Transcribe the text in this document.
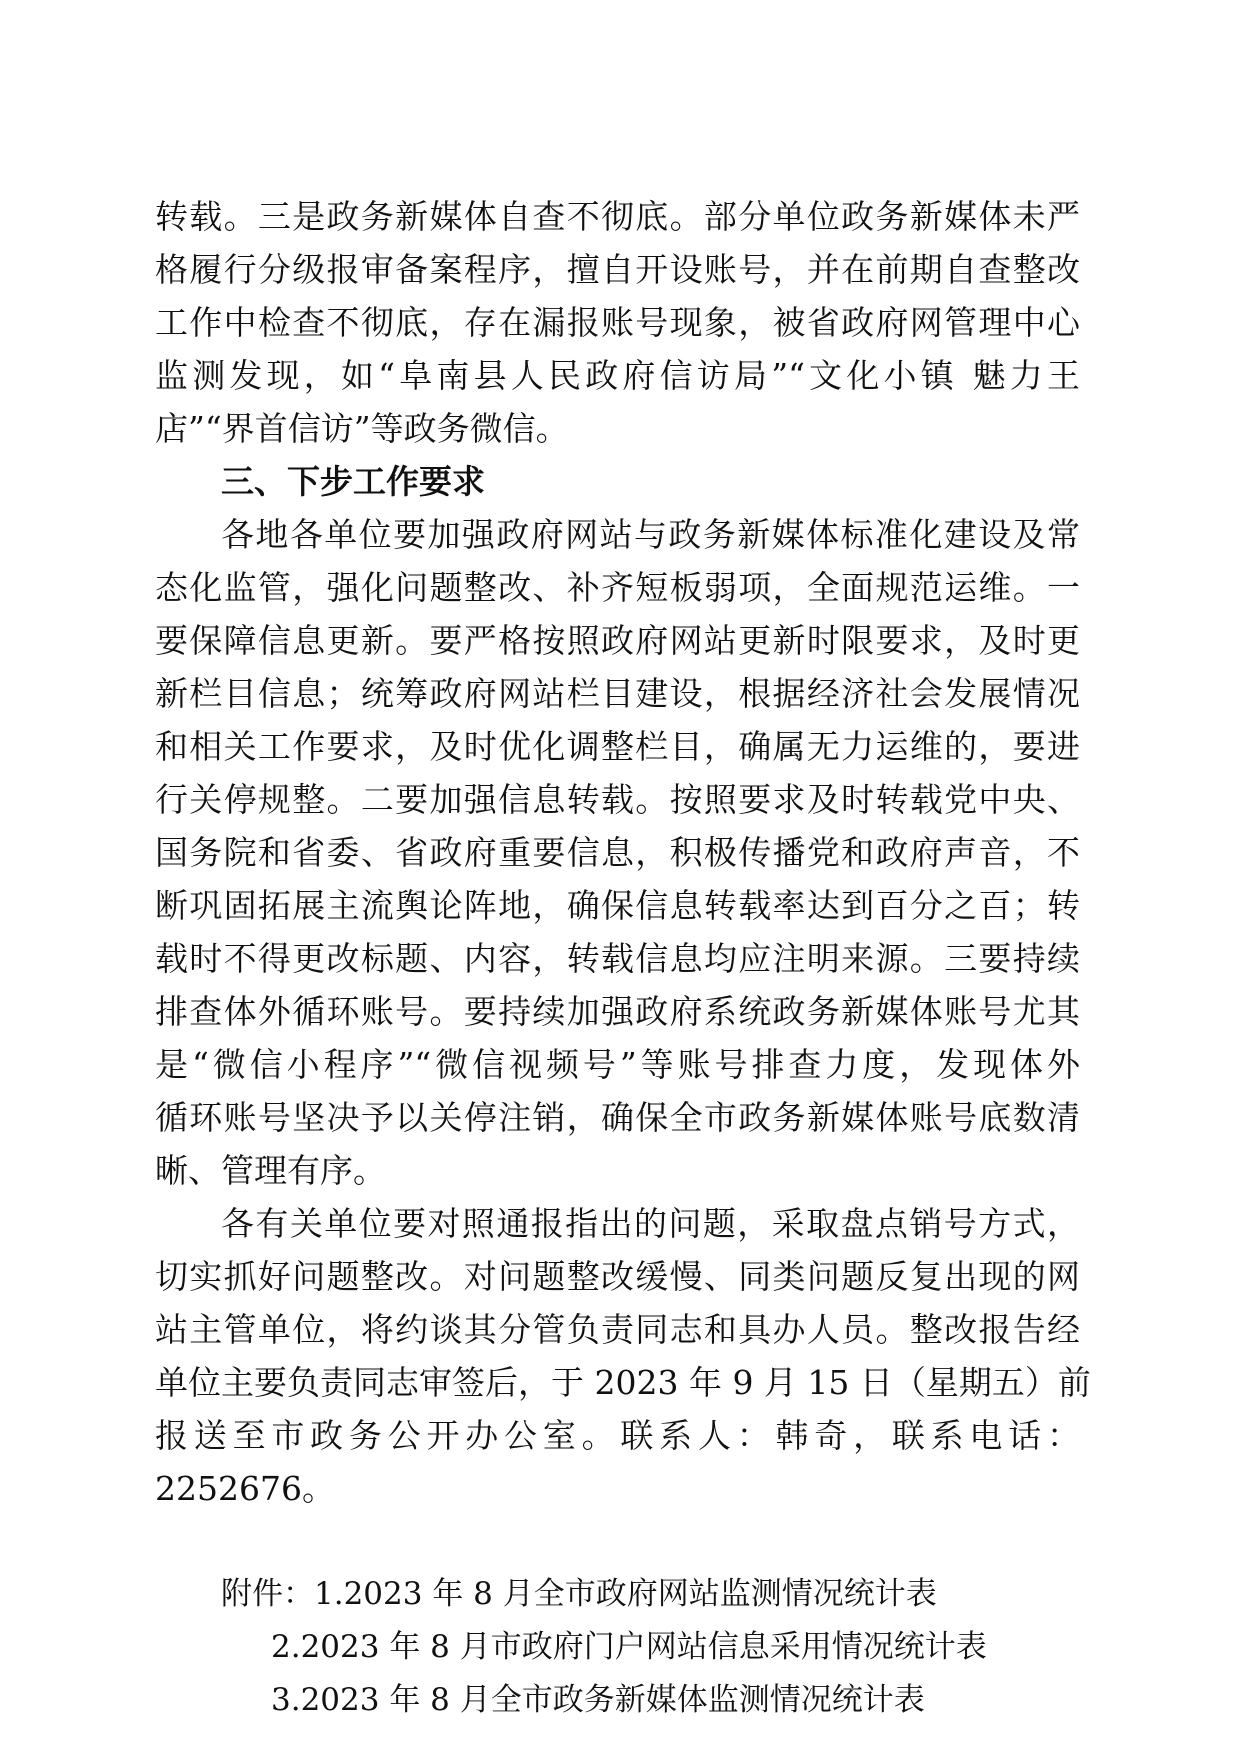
转载。三是政务新媒体自查不彻底。部分单位政务新媒体未严
格履行分级报审备案程序，擅自开设账号，并在前期自查整改
工作中检查不彻底，存在漏报账号现象，被省政府网管理中心
监测发现，如“阜南县人民政府信访局”“文化小镇 魅力王
店”“界首信访”等政务微信。
三、下步工作要求
各地各单位要加强政府网站与政务新媒体标准化建设及常
态化监管，强化问题整改、补齐短板弱项，全面规范运维。一
要保障信息更新。要严格按照政府网站更新时限要求，及时更
新栏目信息；统筹政府网站栏目建设，根据经济社会发展情况
和相关工作要求，及时优化调整栏目，确属无力运维的，要进
行关停规整。二要加强信息转载。按照要求及时转载党中央、
国务院和省委、省政府重要信息，积极传播党和政府声音，不
断巩固拓展主流舆论阵地，确保信息转载率达到百分之百；转
载时不得更改标题、内容，转载信息均应注明来源。三要持续
排查体外循环账号。要持续加强政府系统政务新媒体账号尤其
是“微信小程序”“微信视频号”等账号排查力度，发现体外
循环账号坚决予以关停注销，确保全市政务新媒体账号底数清
晰、管理有序。
各有关单位要对照通报指出的问题，采取盘点销号方式，
切实抓好问题整改。对问题整改缓慢、同类问题反复出现的网
站主管单位，将约谈其分管负责同志和具办人员。整改报告经
单位主要负责同志审签后，于 2023 年 9 月 15 日（星期五）前
报送至市政务公开办公室。联系人：韩奇，联系电话：
2252676。
附件：1.2023 年 8 月全市政府网站监测情况统计表
2.2023 年 8 月市政府门户网站信息采用情况统计表
3.2023 年 8 月全市政务新媒体监测情况统计表
